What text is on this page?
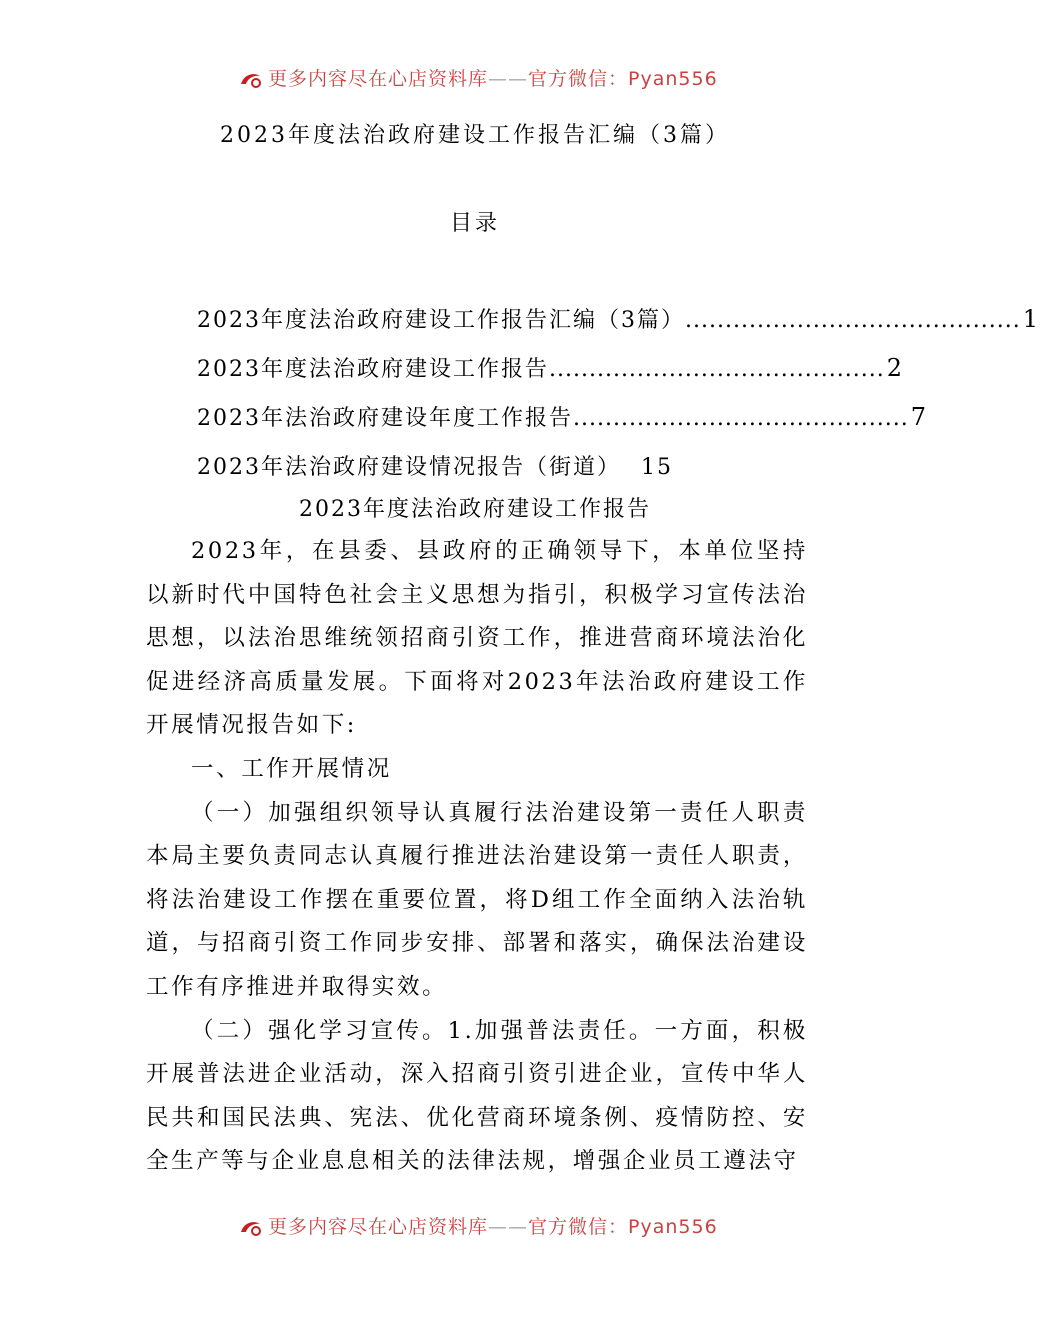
更多内容尽在心店资料库——官方微信：Pyan556
2023年度法治政府建设工作报告汇编（3篇）
目录
2023年度法治政府建设工作报告汇编（3篇） .......................................... 1
2023年度法治政府建设工作报告 .......................................... 2
2023年法治政府建设年度工作报告 .......................................... 7
2023年法治政府建设情况报告（街道） 15
2023年度法治政府建设工作报告

2023年，在县委、县政府的正确领导下，本单位坚持以新时代中国特色社会主义思想为指引，积极学习宣传法治思想，以法治思维统领招商引资工作，推进营商环境法治化促进经济高质量发展。下面将对2023年法治政府建设工作开展情况报告如下:

一、工作开展情况

（一）加强组织领导认真履行法治建设第一责任人职责本局主要负责同志认真履行推进法治建设第一责任人职责，将法治建设工作摆在重要位置，将D组工作全面纳入法治轨道，与招商引资工作同步安排、部署和落实，确保法治建设工作有序推进并取得实效。

（二）强化学习宣传。1.加强普法责任。一方面，积极开展普法进企业活动，深入招商引资引进企业，宣传中华人民共和国民法典、宪法、优化营商环境条例、疫情防控、安全生产等与企业息息相关的法律法规，增强企业员工遵法守

更多内容尽在心店资料库——官方微信：Pyan556
